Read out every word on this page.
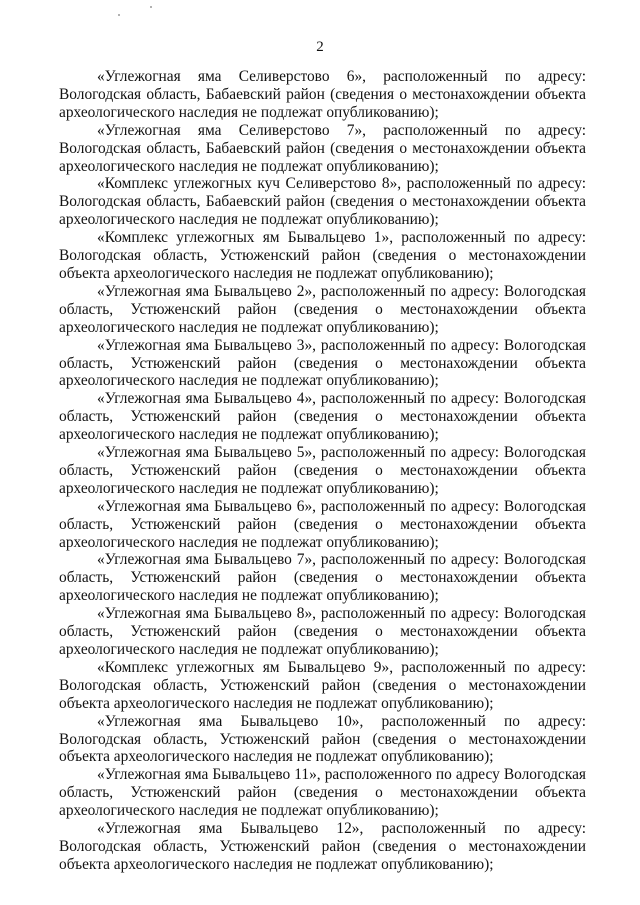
2

«Углежогная яма Селиверстово 6», расположенный по адресу: Вологодская область, Бабаевский район (сведения о местонахождении объекта археологического наследия не подлежат опубликованию);

«Углежогная яма Селиверстово 7», расположенный по адресу: Вологодская область, Бабаевский район (сведения о местонахождении объекта археологического наследия не подлежат опубликованию);

«Комплекс углежогных куч Селиверстово 8», расположенный по адресу: Вологодская область, Бабаевский район (сведения о местонахождении объекта археологического наследия не подлежат опубликованию);

«Комплекс углежогных ям Бывальцево 1», расположенный по адресу: Вологодская область, Устюженский район (сведения о местонахождении объекта археологического наследия не подлежат опубликованию);

«Углежогная яма Бывальцево 2», расположенный по адресу: Вологодская область, Устюженский район (сведения о местонахождении объекта археологического наследия не подлежат опубликованию);

«Углежогная яма Бывальцево 3», расположенный по адресу: Вологодская область, Устюженский район (сведения о местонахождении объекта археологического наследия не подлежат опубликованию);

«Углежогная яма Бывальцево 4», расположенный по адресу: Вологодская область, Устюженский район (сведения о местонахождении объекта археологического наследия не подлежат опубликованию);

«Углежогная яма Бывальцево 5», расположенный по адресу: Вологодская область, Устюженский район (сведения о местонахождении объекта археологического наследия не подлежат опубликованию);

«Углежогная яма Бывальцево 6», расположенный по адресу: Вологодская область, Устюженский район (сведения о местонахождении объекта археологического наследия не подлежат опубликованию);

«Углежогная яма Бывальцево 7», расположенный по адресу: Вологодская область, Устюженский район (сведения о местонахождении объекта археологического наследия не подлежат опубликованию);

«Углежогная яма Бывальцево 8», расположенный по адресу: Вологодская область, Устюженский район (сведения о местонахождении объекта археологического наследия не подлежат опубликованию);

«Комплекс углежогных ям Бывальцево 9», расположенный по адресу: Вологодская область, Устюженский район (сведения о местонахождении объекта археологического наследия не подлежат опубликованию);

«Углежогная яма Бывальцево 10», расположенный по адресу: Вологодская область, Устюженский район (сведения о местонахождении объекта археологического наследия не подлежат опубликованию);

«Углежогная яма Бывальцево 11», расположенного по адресу Вологодская область, Устюженский район (сведения о местонахождении объекта археологического наследия не подлежат опубликованию);

«Углежогная яма Бывальцево 12», расположенный по адресу: Вологодская область, Устюженский район (сведения о местонахождении объекта археологического наследия не подлежат опубликованию);
